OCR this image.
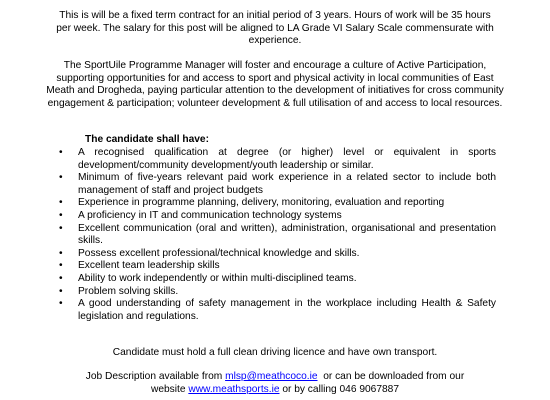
This is will be a fixed term contract for an initial period of 3 years. Hours of work will be 35 hours per week. The salary for this post will be aligned to LA Grade VI Salary Scale commensurate with experience.

The SportUile Programme Manager will foster and encourage a culture of Active Participation, supporting opportunities for and access to sport and physical activity in local communities of East Meath and Drogheda, paying particular attention to the development of initiatives for cross community engagement & participation; volunteer development & full utilisation of and access to local resources.

The candidate shall have:

• A recognised qualification at degree (or higher) level or equivalent in sports development/community development/youth leadership or similar.
• Minimum of five-years relevant paid work experience in a related sector to include both management of staff and project budgets
• Experience in programme planning, delivery, monitoring, evaluation and reporting
• A proficiency in IT and communication technology systems
• Excellent communication (oral and written), administration, organisational and presentation skills.
• Possess excellent professional/technical knowledge and skills.
• Excellent team leadership skills
• Ability to work independently or within multi-disciplined teams.
• Problem solving skills.
• A good understanding of safety management in the workplace including Health & Safety legislation and regulations.

Candidate must hold a full clean driving licence and have own transport.

Job Description available from mlsp@meathcoco.ie  or can be downloaded from our
website www.meathsports.ie or by calling 046 9067887
